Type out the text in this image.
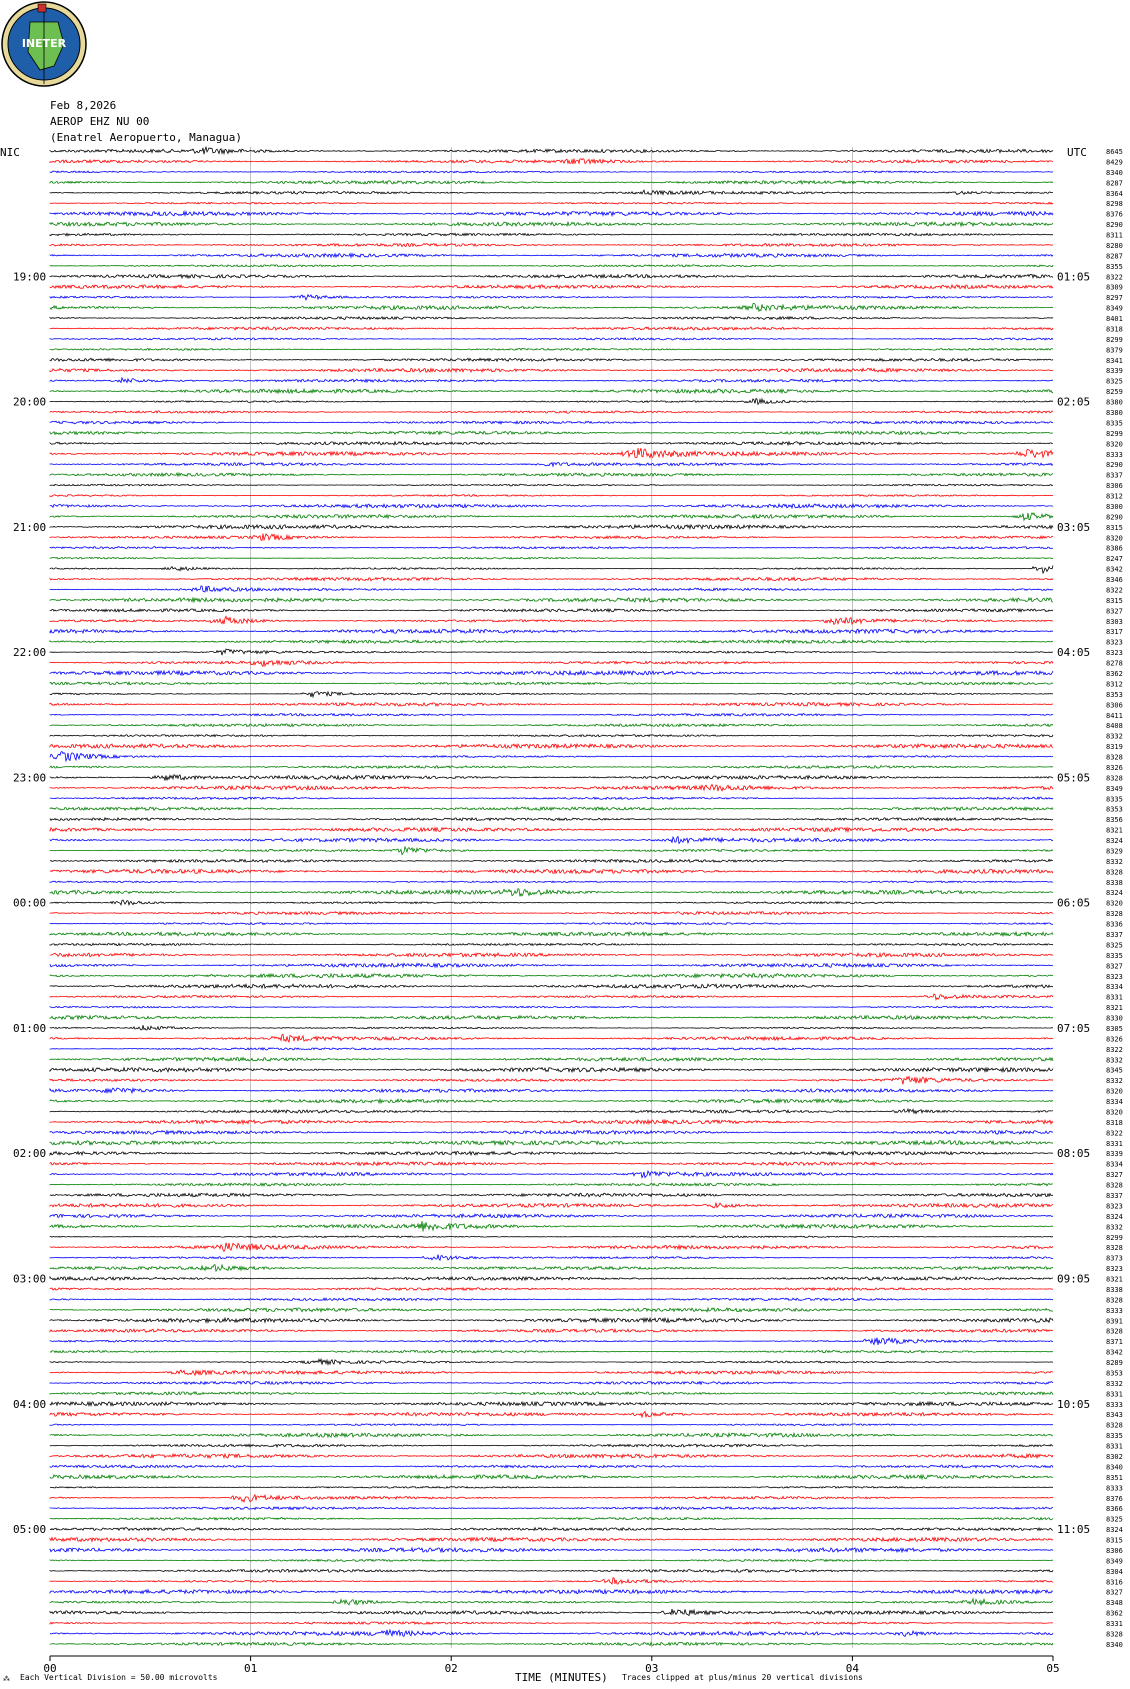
INETER
Feb 8,2026
AEROP EHZ NU 00
(Enatrel Aeropuerto, Managua)
8645
8429
8340
8287
8364
8298
8376
8290
8311
8280
8287
8355
8322
8309
8297
8349
8401
8318
8299
8379
8341
8339
8325
8259
8380
8380
8335
8299
8320
8333
8290
8337
8306
8312
8300
8290
8315
8320
8386
8247
8342
8346
8322
8315
8327
8303
8317
8323
8323
8278
8362
8312
8353
8306
8411
8408
8332
8319
8328
8326
8328
8349
8335
8353
8356
8321
8324
8329
8332
8328
8338
8324
8320
8328
8336
8337
8325
8335
8327
8323
8334
8331
8321
8330
8305
8326
8322
8332
8345
8332
8320
8334
8320
8318
8322
8331
8339
8334
8327
8328
8337
8323
8324
8332
8299
8328
8373
8323
8321
8338
8328
8333
8391
8328
8371
8342
8289
8353
8332
8331
8333
8343
8328
8335
8331
8302
8340
8351
8333
8376
8366
8325
8324
8315
8306
8349
8304
8316
8327
8348
8362
8331
8328
8340
19:00	01:05
20:00	02:05
21:00	03:05
22:00	04:05
23:00	05:05
00:00	06:05
01:00	07:05
02:00	08:05
03:00	09:05
04:00	10:05
05:00	11:05
NIC	UTC
00	01	02	03	04	05
Each Vertical Division = 50.00 microvolts	TIME (MINUTES) Traces clipped at plus/minus 20 vertical divisions
⁂
